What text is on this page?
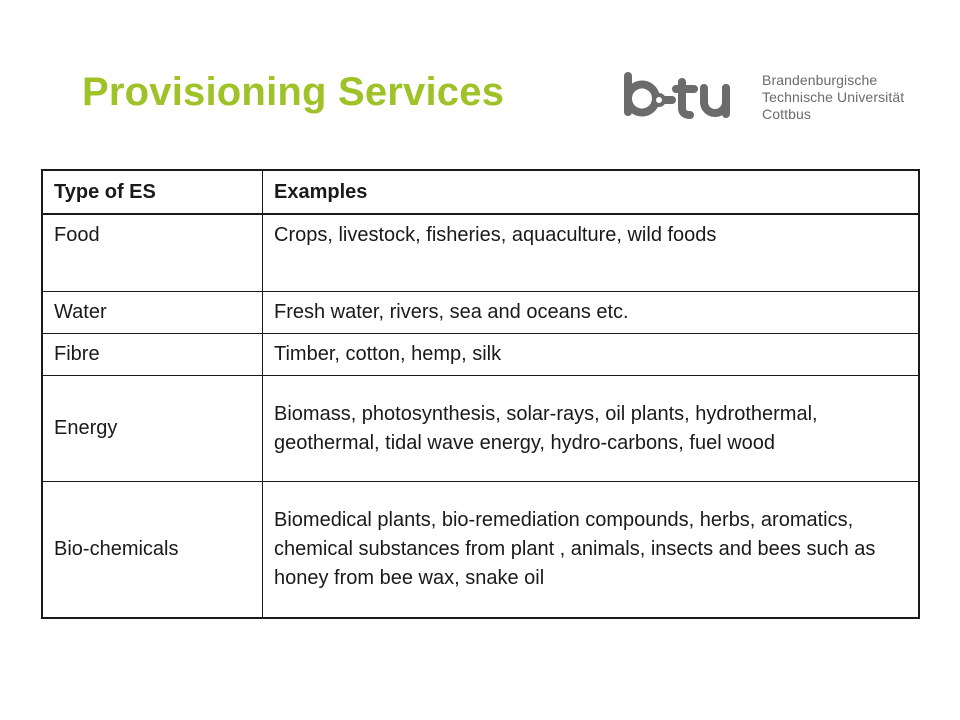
Provisioning Services	Brandenburgische
Technische Universität
Cottbus
Type of ES	Examples
Food	Crops, livestock, fisheries, aquaculture, wild foods
Water	Fresh water, rivers, sea and oceans etc.
Fibre	Timber, cotton, hemp, silk
Energy	Biomass, photosynthesis, solar-rays, oil plants, hydrothermal, geothermal, tidal wave energy, hydro-carbons, fuel wood
Bio-chemicals	Biomedical plants, bio-remediation compounds, herbs, aromatics, chemical substances from plant , animals, insects and bees such as honey from bee wax, snake oil
